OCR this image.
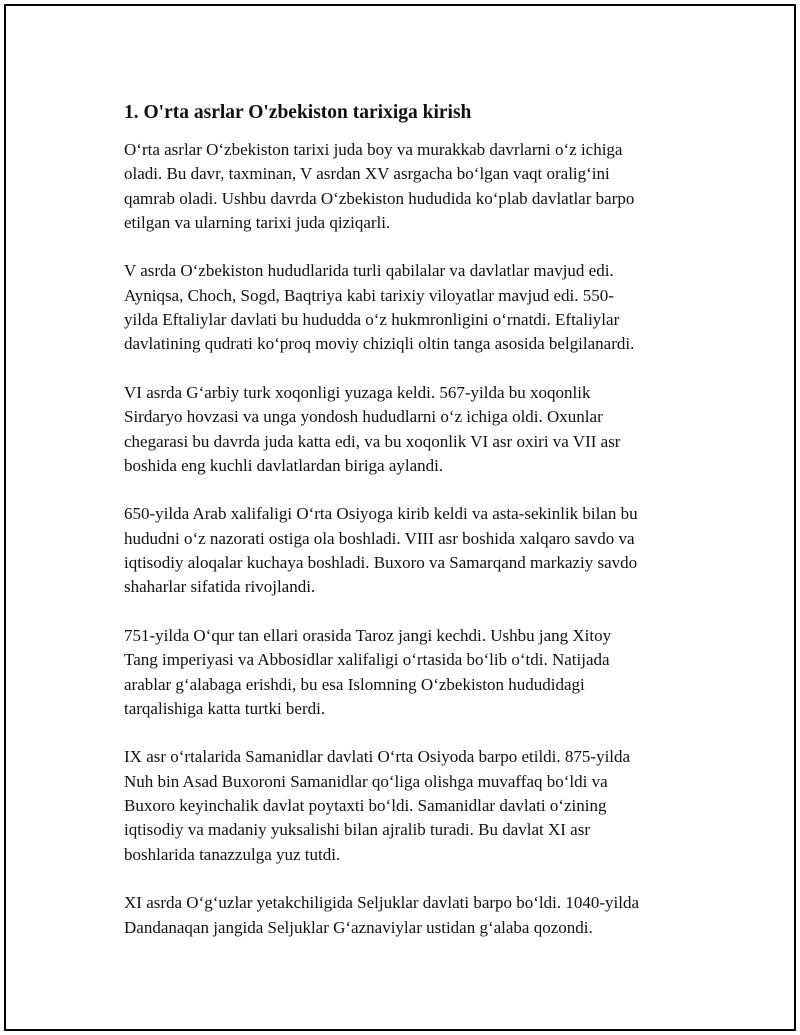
1. O'rta asrlar O'zbekiston tarixiga kirish

O‘rta asrlar O‘zbekiston tarixi juda boy va murakkab davrlarni o‘z ichiga
oladi. Bu davr, taxminan, V asrdan XV asrgacha bo‘lgan vaqt oralig‘ini
qamrab oladi. Ushbu davrda O‘zbekiston hududida ko‘plab davlatlar barpo
etilgan va ularning tarixi juda qiziqarli.

V asrda O‘zbekiston hududlarida turli qabilalar va davlatlar mavjud edi.
Ayniqsa, Choch, Sogd, Baqtriya kabi tarixiy viloyatlar mavjud edi. 550-
yilda Eftaliylar davlati bu hududda o‘z hukmronligini o‘rnatdi. Eftaliylar
davlatining qudrati ko‘proq moviy chiziqli oltin tanga asosida belgilanardi.

VI asrda G‘arbiy turk xoqonligi yuzaga keldi. 567-yilda bu xoqonlik
Sirdaryo hovzasi va unga yondosh hududlarni o‘z ichiga oldi. Oxunlar
chegarasi bu davrda juda katta edi, va bu xoqonlik VI asr oxiri va VII asr
boshida eng kuchli davlatlardan biriga aylandi.

650-yilda Arab xalifaligi O‘rta Osiyoga kirib keldi va asta-sekinlik bilan bu
hududni o‘z nazorati ostiga ola boshladi. VIII asr boshida xalqaro savdo va
iqtisodiy aloqalar kuchaya boshladi. Buxoro va Samarqand markaziy savdo
shaharlar sifatida rivojlandi.

751-yilda O‘qur tan ellari orasida Taroz jangi kechdi. Ushbu jang Xitoy
Tang imperiyasi va Abbosidlar xalifaligi o‘rtasida bo‘lib o‘tdi. Natijada
arablar g‘alabaga erishdi, bu esa Islomning O‘zbekiston hududidagi
tarqalishiga katta turtki berdi.

IX asr o‘rtalarida Samanidlar davlati O‘rta Osiyoda barpo etildi. 875-yilda
Nuh bin Asad Buxoroni Samanidlar qo‘liga olishga muvaffaq bo‘ldi va
Buxoro keyinchalik davlat poytaxti bo‘ldi. Samanidlar davlati o‘zining
iqtisodiy va madaniy yuksalishi bilan ajralib turadi. Bu davlat XI asr
boshlarida tanazzulga yuz tutdi.

XI asrda O‘g‘uzlar yetakchiligida Seljuklar davlati barpo bo‘ldi. 1040-yilda
Dandanaqan jangida Seljuklar G‘aznaviylar ustidan g‘alaba qozondi.
